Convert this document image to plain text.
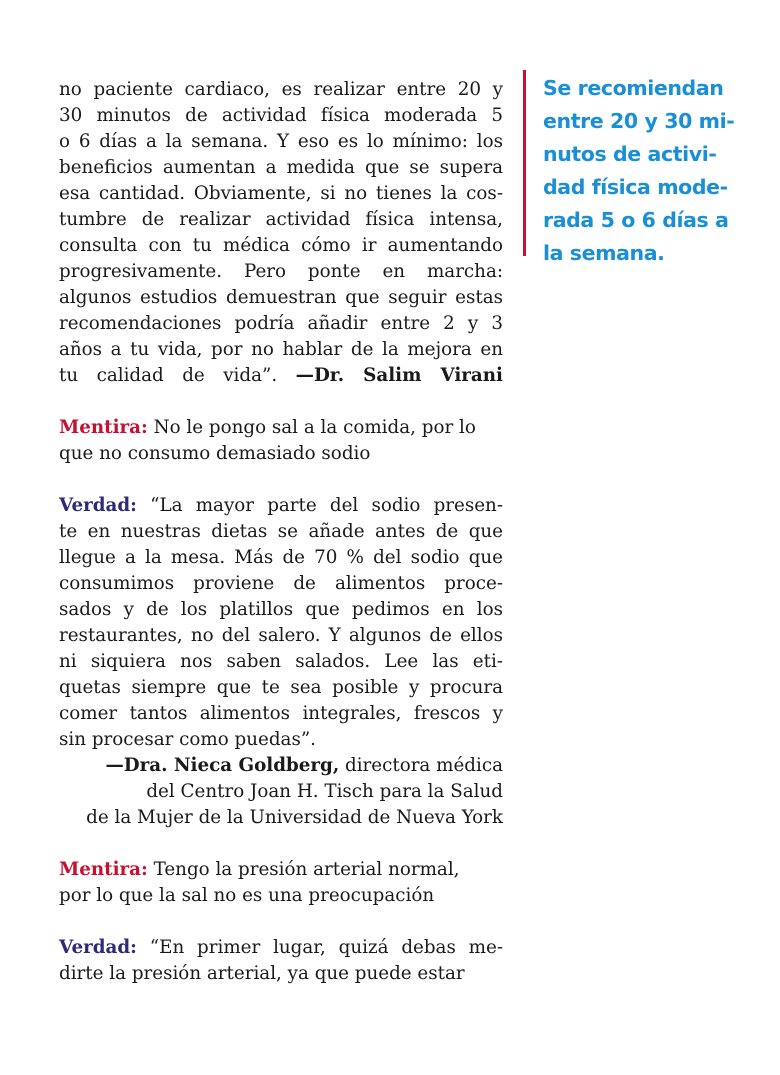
no paciente cardiaco, es realizar entre 20 y
30 minutos de actividad física moderada 5
o 6 días a la semana. Y eso es lo mínimo: los
beneficios aumentan a medida que se supera
esa cantidad. Obviamente, si no tienes la cos-
tumbre de realizar actividad física intensa,
consulta con tu médica cómo ir aumentando
progresivamente. Pero ponte en marcha:
algunos estudios demuestran que seguir estas
recomendaciones podría añadir entre 2 y 3
años a tu vida, por no hablar de la mejora en
tu calidad de vida”. —Dr. Salim Virani
Mentira: No le pongo sal a la comida, por lo
que no consumo demasiado sodio
Verdad: “La mayor parte del sodio presen-
te en nuestras dietas se añade antes de que
llegue a la mesa. Más de 70 % del sodio que
consumimos proviene de alimentos proce-
sados y de los platillos que pedimos en los
restaurantes, no del salero. Y algunos de ellos
ni siquiera nos saben salados. Lee las eti-
quetas siempre que te sea posible y procura
comer tantos alimentos integrales, frescos y
sin procesar como puedas”.
—Dra. Nieca Goldberg, directora médica
del Centro Joan H. Tisch para la Salud
de la Mujer de la Universidad de Nueva York
Mentira: Tengo la presión arterial normal,
por lo que la sal no es una preocupación
Verdad: “En primer lugar, quizá debas me-
dirte la presión arterial, ya que puede estar
Se recomiendan
entre 20 y 30 mi-
nutos de activi-
dad física mode-
rada 5 o 6 días a
la semana.
